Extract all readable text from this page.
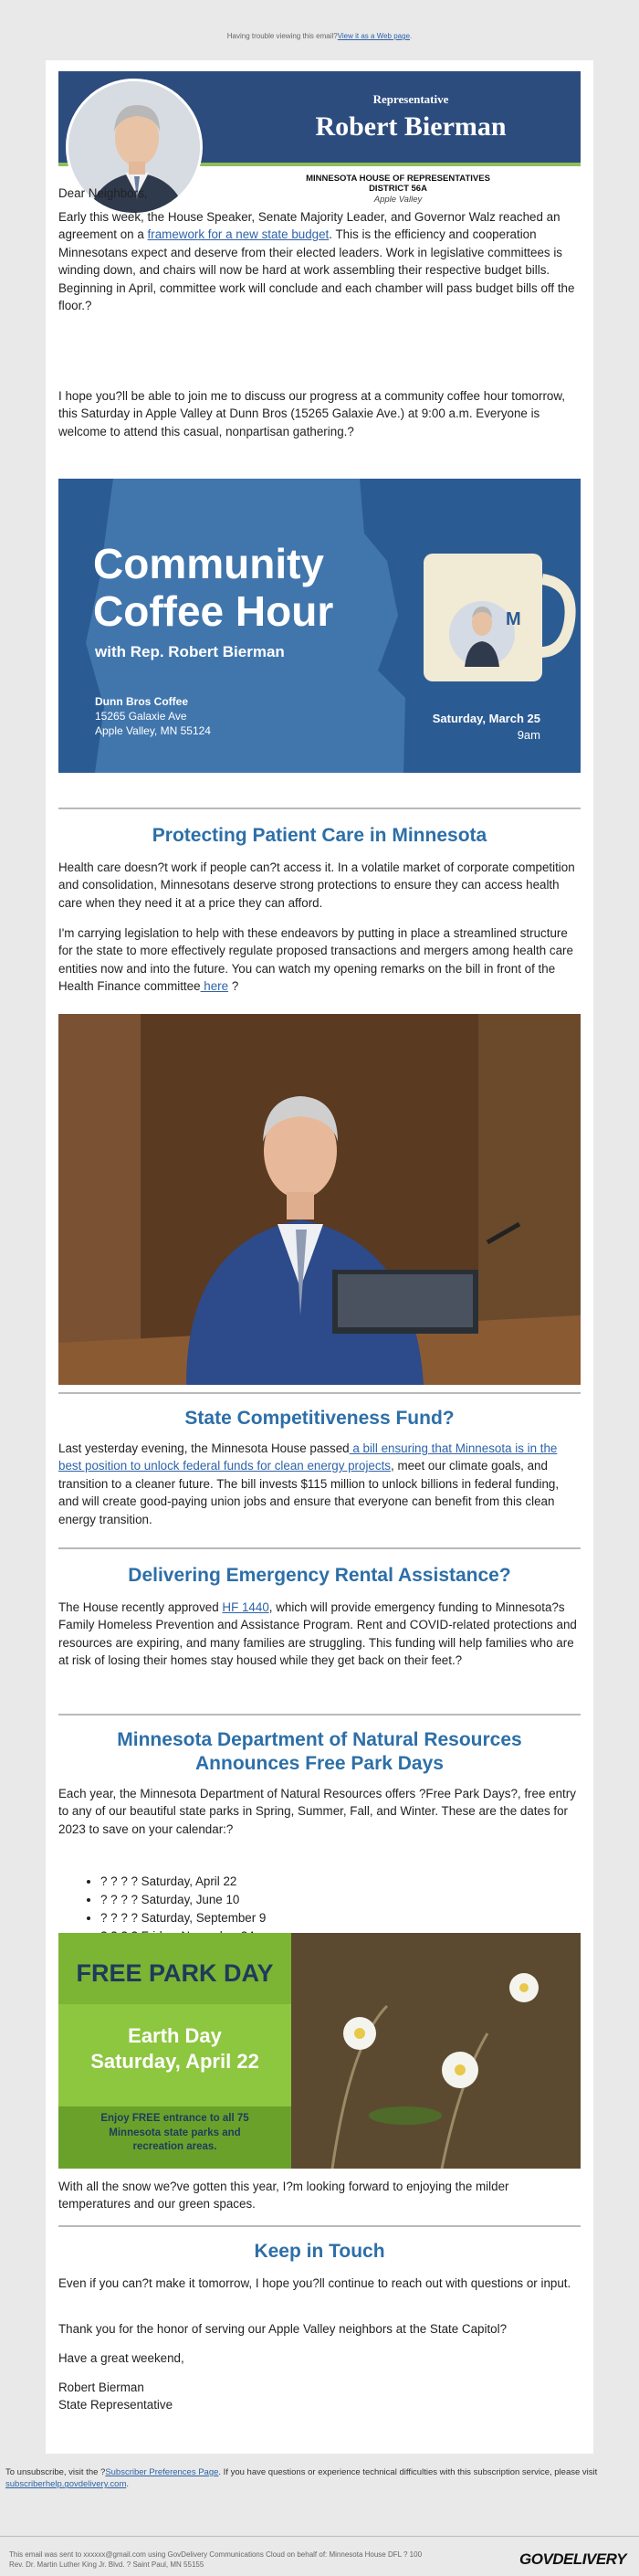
Having trouble viewing this email?View it as a Web page.
Representative
Robert Bierman
MINNESOTA HOUSE OF REPRESENTATIVES
DISTRICT 56A
Apple Valley

Dear Neighbors,

Early this week, the House Speaker, Senate Majority Leader, and Governor Walz reached an agreement on a framework for a new state budget. This is the efficiency and cooperation Minnesotans expect and deserve from their elected leaders. Work in legislative committees is winding down, and chairs will now be hard at work assembling their respective budget bills. Beginning in April, committee work will conclude and each chamber will pass budget bills off the floor.?

I hope you?ll be able to join me to discuss our progress at a community coffee hour tomorrow, this Saturday in Apple Valley at Dunn Bros (15265 Galaxie Ave.) at 9:00 a.m. Everyone is welcome to attend this casual, nonpartisan gathering.?

M
Community
Coffee Hour
with Rep. Robert Bierman
Dunn Bros Coffee
15265 Galaxie Ave
Apple Valley, MN 55124
Saturday, March 25
9am
Protecting Patient Care in Minnesota

Health care doesn?t work if people can?t access it. In a volatile market of corporate competition and consolidation, Minnesotans deserve strong protections to ensure they can access health care when they need it at a price they can afford.

I'm carrying legislation to help with these endeavors by putting in place a streamlined structure for the state to more effectively regulate proposed transactions and mergers among health care entities now and into the future. You can watch my opening remarks on the bill in front of the Health Finance committee here ?

State Competitiveness Fund?

Last yesterday evening, the Minnesota House passed a bill ensuring that Minnesota is in the best position to unlock federal funds for clean energy projects, meet our climate goals, and transition to a cleaner future. The bill invests $115 million to unlock billions in federal funding, and will create good-paying union jobs and ensure that everyone can benefit from this clean energy transition.

Delivering Emergency Rental Assistance?

The House recently approved HF 1440, which will provide emergency funding to Minnesota?s Family Homeless Prevention and Assistance Program. Rent and COVID-related protections and resources are expiring, and many families are struggling. This funding will help families who are at risk of losing their homes stay housed while they get back on their feet.?

Minnesota Department of Natural Resources
Announces Free Park Days

Each year, the Minnesota Department of Natural Resources offers ?Free Park Days?, free entry to any of our beautiful state parks in Spring, Summer, Fall, and Winter. These are the dates for 2023 to save on your calendar:?

• ? ? ? ? Saturday, April 22
• ? ? ? ? Saturday, June 10
• ? ? ? ? Saturday, September 9
•
FREE PARK DAY
Earth Day
Saturday, April 22
Enjoy FREE entrance to all 75
Minnesota state parks and
recreation areas.

With all the snow we?ve gotten this year, I?m looking forward to enjoying the milder temperatures and our green spaces.

Keep in Touch

Even if you can?t make it tomorrow, I hope you?ll continue to reach out with questions or input.

Thank you for the honor of serving our Apple Valley neighbors at the State Capitol?

Have a great weekend,

Robert Bierman
State Representative

To unsubscribe, visit the ?Subscriber Preferences Page. If you have questions or experience technical difficulties with this subscription service, please visit subscriberhelp.govdelivery.com.
This email was sent to xxxxxx@gmail.com using GovDelivery Communications Cloud on behalf of: Minnesota House DFL ? 100
Rev. Dr. Martin Luther King Jr. Blvd. ? Saint Paul, MN 55155	GOVDELIVERY
